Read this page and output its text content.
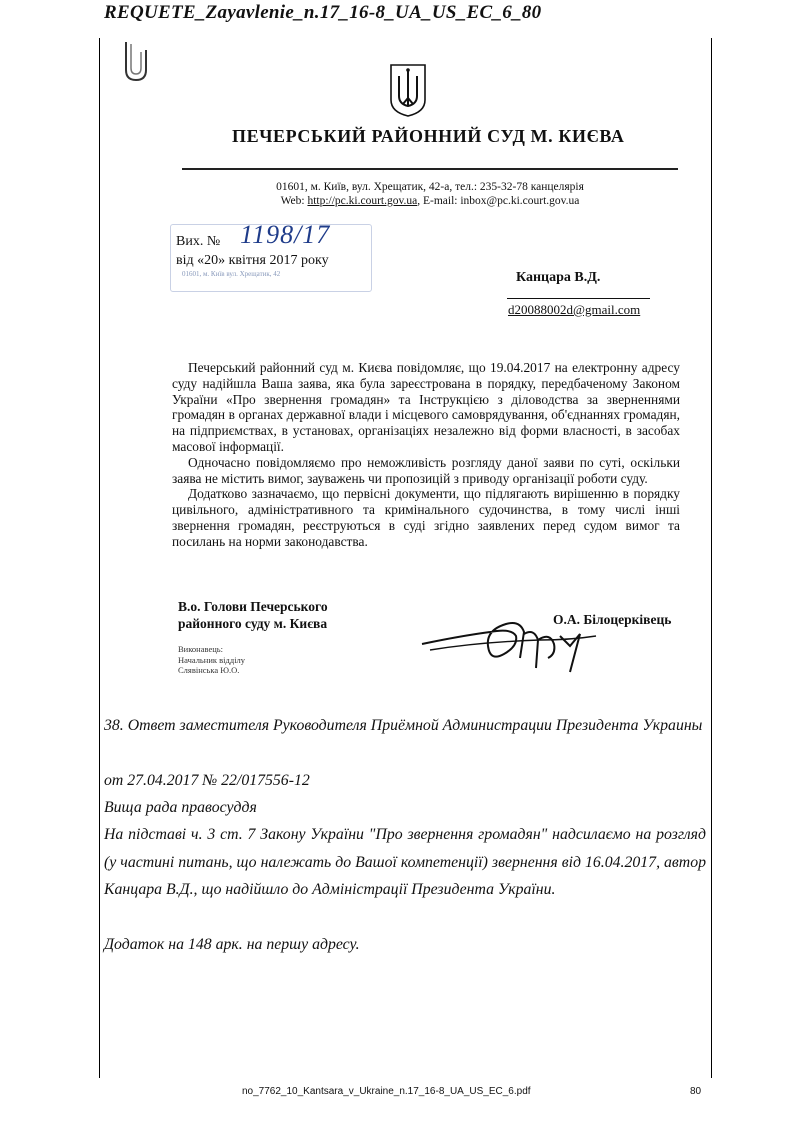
REQUETE_Zayavlenie_n.17_16-8_UA_US_EC_6_80
ПЕЧЕРСЬКИЙ РАЙОННИЙ СУД М. КИЄВА
01601, м. Київ, вул. Хрещатик, 42-а, тел.: 235-32-78 канцелярія
Web: http://pc.ki.court.gov.ua, E-mail: inbox@pc.ki.court.gov.ua
Вих. №
від «20» квітня 2017 року
1198/17
01601, м. Київ вул. Хрещатик, 42	Канцара В.Д.
d20088002d@gmail.com

Печерський районний суд м. Києва повідомляє, що 19.04.2017 на електронну адресу суду надійшла Ваша заява, яка була зареєстрована в порядку, передбаченому Законом України «Про звернення громадян» та Інструкцією з діловодства за зверненнями громадян в органах державної влади і місцевого самоврядування, об'єднаннях громадян, на підприємствах, в установах, організаціях незалежно від форми власності, в засобах масової інформації.

Одночасно повідомляємо про неможливість розгляду даної заяви по суті, оскільки заява не містить вимог, зауважень чи пропозицій з приводу організації роботи суду.

Додатково зазначаємо, що первісні документи, що підлягають вирішенню в порядку цивільного, адміністративного та кримінального судочинства, в тому числі інші звернення громадян, реєструються в суді згідно заявлених перед судом вимог та посилань на норми законодавства.

В.о. Голови Печерського
районного суду м. Києва	О.А. Білоцерківець
Виконавець:
Начальник відділу
Слявінська Ю.О.
38. Ответ заместителя Руководителя Приёмной Администрации Президента Украины
от 27.04.2017 № 22/017556-12
Вища рада правосуддя
На підставі ч. 3 ст. 7 Закону України "Про звернення громадян" надсилаємо на розгляд (у частині питань, що належать до Вашої компетенції) звернення від 16.04.2017, автор Канцара В.Д., що надійшло до Адміністрації Президента України.
Додаток на 148 арк. на першу адресу.
no_7762_10_Kantsara_v_Ukraine_n.17_16-8_UA_US_EC_6.pdf	80
